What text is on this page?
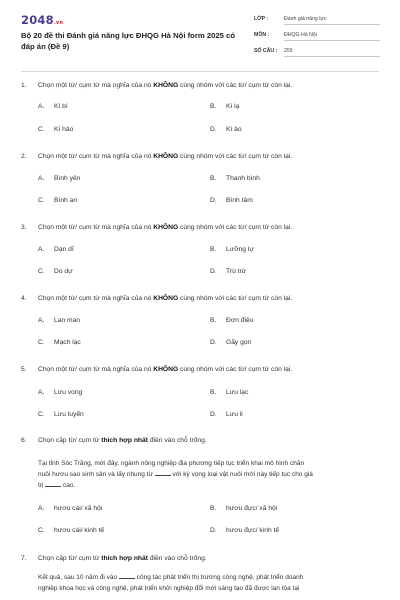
2048.vn
Bộ 20 đề thi Đánh giá năng lực ĐHQG Hà Nội form 2025 có đáp án (Đề 9)
LỚP :	Đánh giá năng lực
MÔN :	ĐHQG Hà Nội
SỐ CÂU : 255
1. Chọn một từ/ cụm từ mà nghĩa của nó KHÔNG cùng nhóm với các từ/ cụm từ còn lại.
A. Kì bí	B. Kì lạ
C. Kì hảo	D. Kì ảo
2. Chọn một từ/ cụm từ mà nghĩa của nó KHÔNG cùng nhóm với các từ/ cụm từ còn lại.
A. Bình yên	B. Thanh bình
C. Bình an	D. Bình tâm
3. Chọn một từ/ cụm từ mà nghĩa của nó KHÔNG cùng nhóm với các từ/ cụm từ còn lại.
A. Dạn dĩ	B. Lưỡng lự
C. Do dự	D. Trù trừ
4. Chọn một từ/ cụm từ mà nghĩa của nó KHÔNG cùng nhóm với các từ/ cụm từ còn lại.
A. Lan man	B. Đơn điệu
C. Mạch lạc	D. Gãy gọn
5. Chọn một từ/ cụm từ mà nghĩa của nó KHÔNG cùng nhóm với các từ/ cụm từ còn lại.
A. Lưu vong	B. Lưu lạc
C. Lưu luyến	D. Lưu li
6. Chọn cặp từ/ cụm từ thích hợp nhất điền vào chỗ trống.
Tại tỉnh Sóc Trăng, mới đây, ngành nông nghiệp địa phương tiếp tục triển khai mô hình chăn
nuôi hươu sao sinh sản và lấy nhung từ	với kỳ vọng loại vật nuôi mới này tiếp tục cho giá
trị	cao.
A. hươu cái/ xã hội	B. hươu đực/ xã hội
C. hươu cái/ kinh tế	D. hươu đực/ kinh tế
7. Chọn cặp từ/ cụm từ thích hợp nhất điền vào chỗ trống.
Kết quả, sau 10 năm đi vào	công tác phát triển thị trường công nghệ, phát triển doanh
nghiệp khoa học và công nghệ, phát triển khởi nghiệp đổi mới sáng tạo đã được lan tỏa tại
